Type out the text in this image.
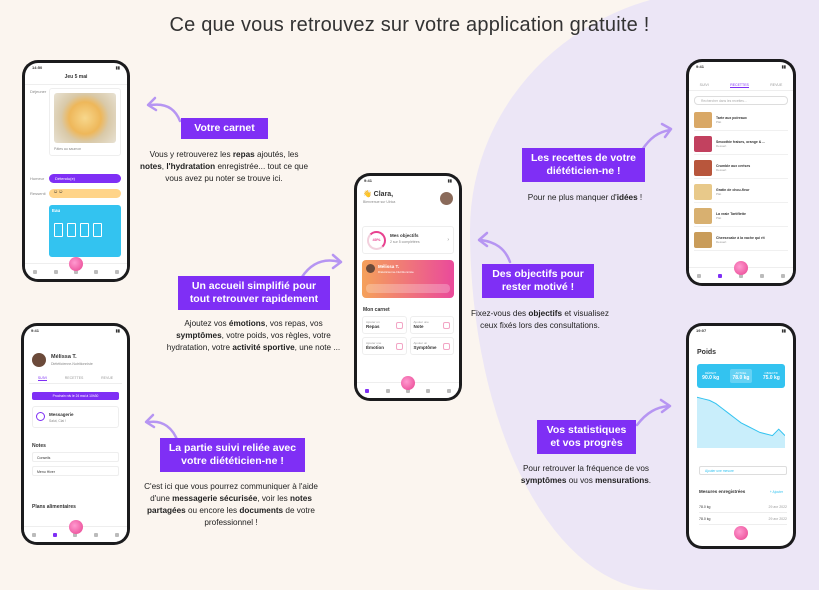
Ce que vous retrouvez sur votre application gratuite !
Votre carnet
Vous y retrouverez les repas ajoutés, les notes, l'hydratation enregistrée... tout ce que vous avez pu noter se trouve ici.
Un accueil simplifié pour tout retrouver rapidement
Ajoutez vos émotions, vos repas, vos symptômes, votre poids, vos règles, votre hydratation, votre activité sportive, une note ...
La partie suivi reliée avec votre diététicien-ne !
C'est ici que vous pourrez communiquer à l'aide d'une messagerie sécurisée, voir les notes partagées ou encore les documents de votre professionnel !
Les recettes de votre diététicien-ne !
Pour ne plus manquer d'idées !
Des objectifs pour rester motivé !
Fixez-vous des objectifs et visualisez ceux fixés lors des consultations.
Vos statistiques et vos progrès
Pour retrouver la fréquence de vos symptômes ou vos mensurations.
14:50	▮▮
Jeu 5 mai
Déjeuner
Pâtes au saumon
Humeur	Détendu(e)
Ressenti	☺☺
Eau
9:41	▮▮
👋 Clara,
Bienvenue sur Ulrica
40%
Mes objectifs
2 sur 5 complétées	›
Mélissa T.
Diététicienne-Nutritionniste
Mon carnet
Ajouter un
Repas
Ajouter une
Note
Ajouter une
Émotion
Ajouter un
Symptôme
9:41	▮▮
Mélissa T.
Diététicienne-Nutritionniste
SUIVI	RECETTES	REVUE
Prochain rdv le 24 mai à 10h30
Messagerie
Salut, Clai !
Notes
Conseils
Menu Hiver
Plans alimentaires
9:41	▮▮
SUIVI	RECETTES	REVUE
Rechercher dans les recettes...
Tarte aux poireaux
Plat
Smoothie fraises, orange & ...
Dessert
Crumble aux cerises
Dessert
Gratin de chou-fleur
Plat
La vraie Tartiflette
Plat
Cheesecake à la vache qui rit
Dessert
19:07	▮▮
Poids
DÉPART
90.0 kg
ACTUEL
78.0 kg
OBJECTIF
75.0 kg
Ajouter une mesure
Mesures enregistrées	+ Ajouter
78.0 kg	29 avr 2022
78.0 kg	29 avr 2022
